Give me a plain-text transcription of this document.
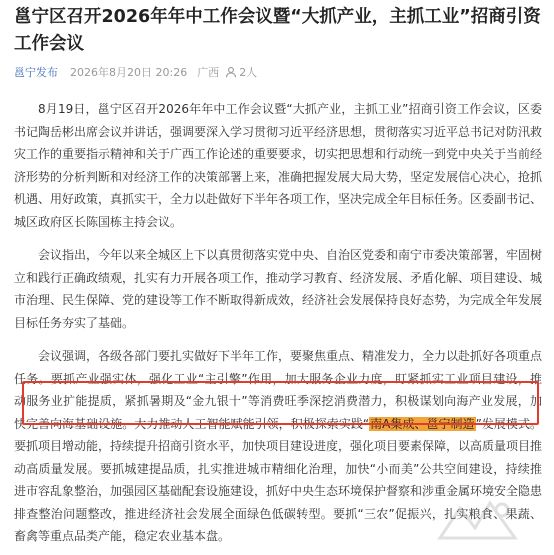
邕宁区召开2026年年中工作会议暨“大抓产业，主抓工业”招商引资工作会议
邕宁发布 2026年8月20日 20:26 广西 2人

8月19日，邕宁区召开2026年年中工作会议暨“大抓产业，主抓工业”招商引资工作会议，区委书记陶岳彬出席会议并讲话，强调要深入学习贯彻习近平经济思想，贯彻落实习近平总书记对防汛救灾工作的重要指示精神和关于广西工作论述的重要要求，切实把思想和行动统一到党中央关于当前经济形势的分析判断和对经济工作的决策部署上来，准确把握发展大局大势，坚定发展信心决心，抢抓机遇、用好政策，真抓实干，全力以赴做好下半年各项工作，坚决完成全年目标任务。区委副书记、城区政府区长陈国栋主持会议。

会议指出，今年以来全城区上下以真贯彻落实党中央、自治区党委和南宁市委决策部署，牢固树立和践行正确政绩观，扎实有力开展各项工作，推动学习教育、经济发展、矛盾化解、项目建设、城市治理、民生保障、党的建设等工作不断取得新成效，经济社会发展保持良好态势，为完成全年发展目标任务夯实了基础。

会议强调，各级各部门要扎实做好下半年工作，要聚焦重点、精准发力，全力以赴抓好各项重点任务。要抓产业强实体，强化工业“主引擎”作用，加大服务企业力度，盯紧抓实工业项目建设，推动服务业扩能提质，紧抓暑期及“金九银十”等消费旺季深挖消费潜力，积极谋划向海产业发展，加快完善向海基础设施。大力推动人工智能赋能引领，积极探索实践“南A集成、邕宁制造”发展模式。要抓项目增动能，持续提升招商引资水平，加快项目建设进度，强化项目要素保障，以高质量项目推动高质量发展。要抓城建提品质，扎实推进城市精细化治理，加快“小而美”公共空间建设，持续推进市容乱象整治，加强园区基础配套设施建设，抓好中央生态环境保护督察和涉重金属环境安全隐患排查整治问题整改，推进经济社会发展全面绿色低碳转型。要抓“三农”促振兴，扎实粮食、果蔬、畜禽等重点品类产能，稳定农业基本盘。
